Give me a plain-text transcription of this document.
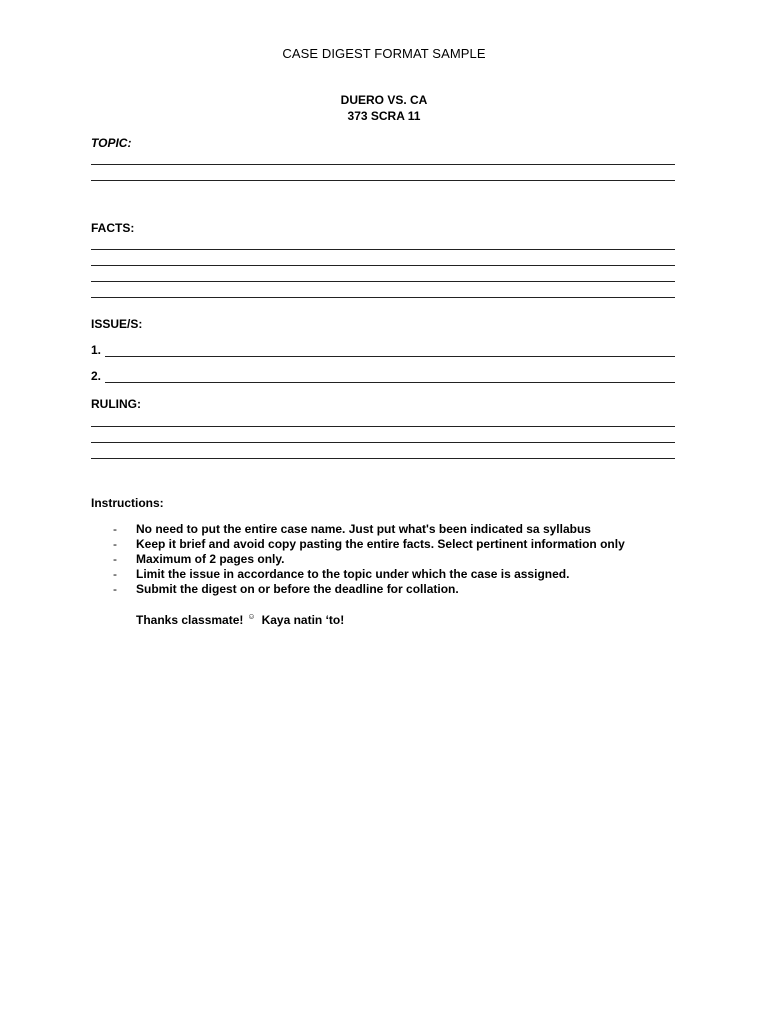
CASE DIGEST FORMAT SAMPLE
DUERO VS. CA
373 SCRA 11
TOPIC:
FACTS:
ISSUE/S:
1.
2.
RULING:
Instructions:
- No need to put the entire case name. Just put what's been indicated sa syllabus
- Keep it brief and avoid copy pasting the entire facts. Select pertinent information only
- Maximum of 2 pages only.
- Limit the issue in accordance to the topic under which the case is assigned.
- Submit the digest on or before the deadline for collation.
Thanks classmate! ☺ Kaya natin ‘to!
